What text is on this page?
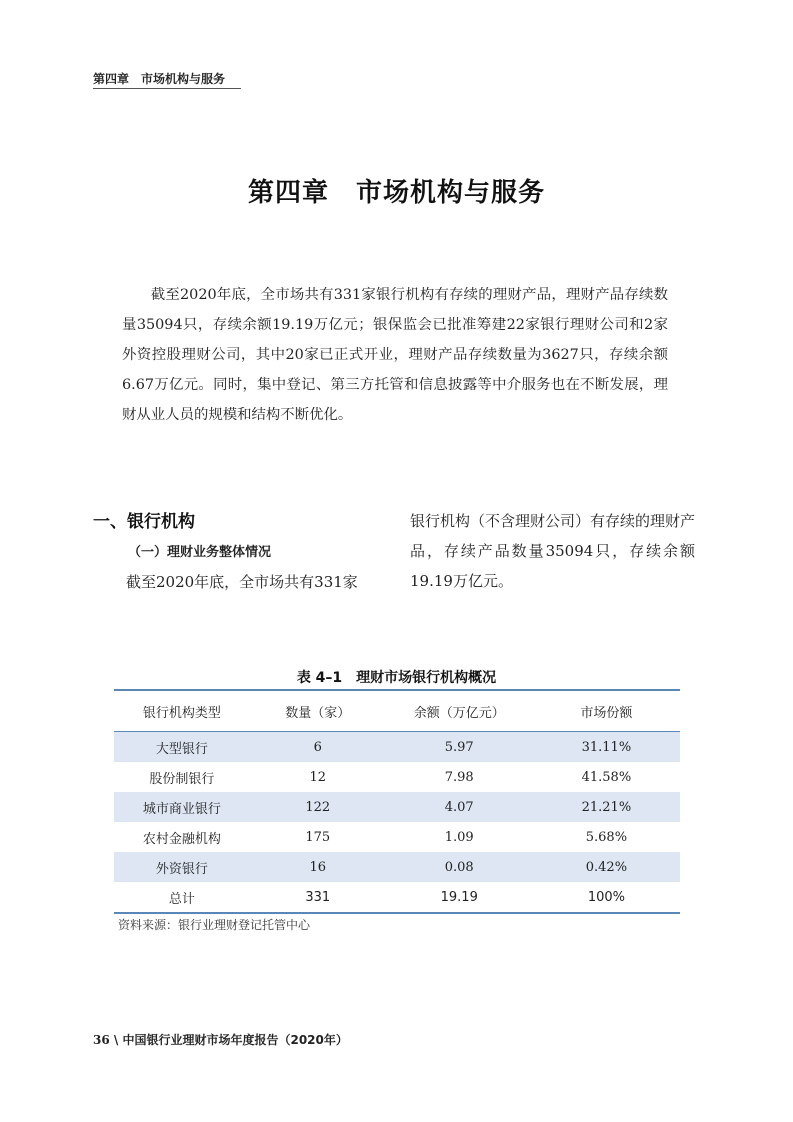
第四章　市场机构与服务
第四章　市场机构与服务

截至2020年底，全市场共有331家银行机构有存续的理财产品，理财产品存续数量35094只，存续余额19.19万亿元；银保监会已批准筹建22家银行理财公司和2家外资控股理财公司，其中20家已正式开业，理财产品存续数量为3627只，存续余额6.67万亿元。同时，集中登记、第三方托管和信息披露等中介服务也在不断发展，理财从业人员的规模和结构不断优化。

一、银行机构
（一）理财业务整体情况

截至2020年底，全市场共有331家

银行机构（不含理财公司）有存续的理财产品，存续产品数量35094只，存续余额19.19万亿元。

表 4–1　理财市场银行机构概况
银行机构类型	数量（家）	余额（万亿元）	市场份额
大型银行	6	5.97	31.11%
股份制银行	12	7.98	41.58%
城市商业银行	122	4.07	21.21%
农村金融机构	175	1.09	5.68%
外资银行	16	0.08	0.42%
总计	331	19.19	100%
资料来源：银行业理财登记托管中心
36 \ 中国银行业理财市场年度报告（2020年）
